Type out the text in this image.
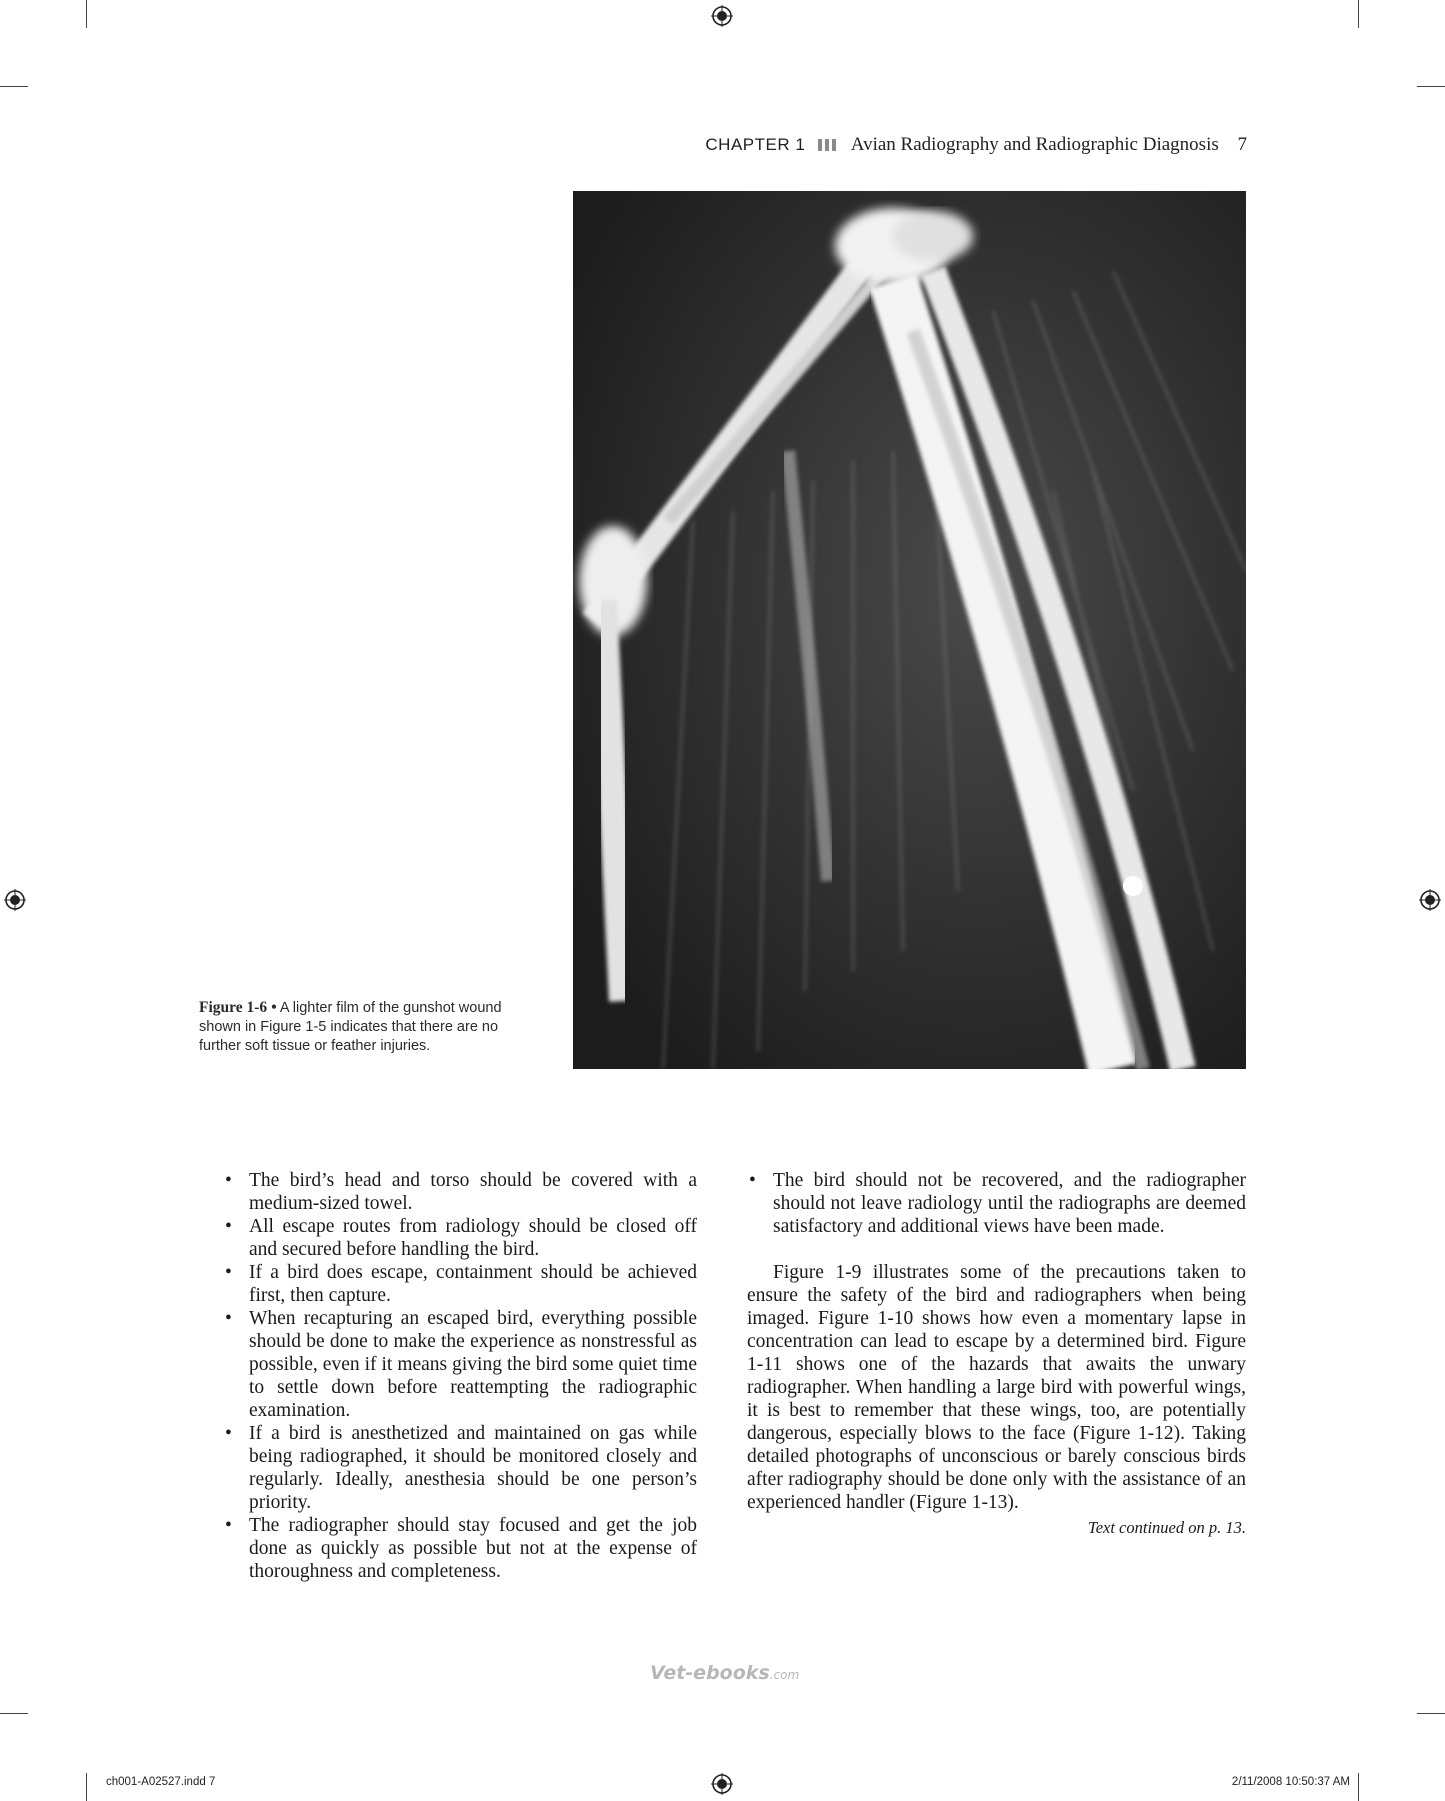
CHAPTER 1 Avian Radiography and Radiographic Diagnosis 7
Figure 1-6 • A lighter film of the gunshot wound shown in Figure 1-5 indicates that there are no further soft tissue or feather injuries.
• The bird’s head and torso should be covered with a medium-sized towel.
• All escape routes from radiology should be closed off and secured before handling the bird.
• If a bird does escape, containment should be achieved first, then capture.
• When recapturing an escaped bird, everything possible should be done to make the experience as nonstressful as possible, even if it means giving the bird some quiet time to settle down before reattempting the radiographic examination.
• If a bird is anesthetized and maintained on gas while being radiographed, it should be monitored closely and regularly. Ideally, anesthesia should be one person’s priority.
• The radiographer should stay focused and get the job done as quickly as possible but not at the expense of thoroughness and completeness.
• The bird should not be recovered, and the radiographer should not leave radiology until the radiographs are deemed satisfactory and additional views have been made.

Figure 1-9 illustrates some of the precautions taken to ensure the safety of the bird and radiographers when being imaged. Figure 1-10 shows how even a momentary lapse in concentration can lead to escape by a determined bird. Figure 1-11 shows one of the hazards that awaits the unwary radiographer. When handling a large bird with powerful wings, it is best to remember that these wings, too, are potentially dangerous, especially blows to the face (Figure 1-12). Taking detailed photographs of unconscious or barely conscious birds after radiography should be done only with the assistance of an experienced handler (Figure 1-13).

Text continued on p. 13.
Vet-ebooks.com
ch001-A02527.indd 7	2/11/2008 10:50:37 AM
